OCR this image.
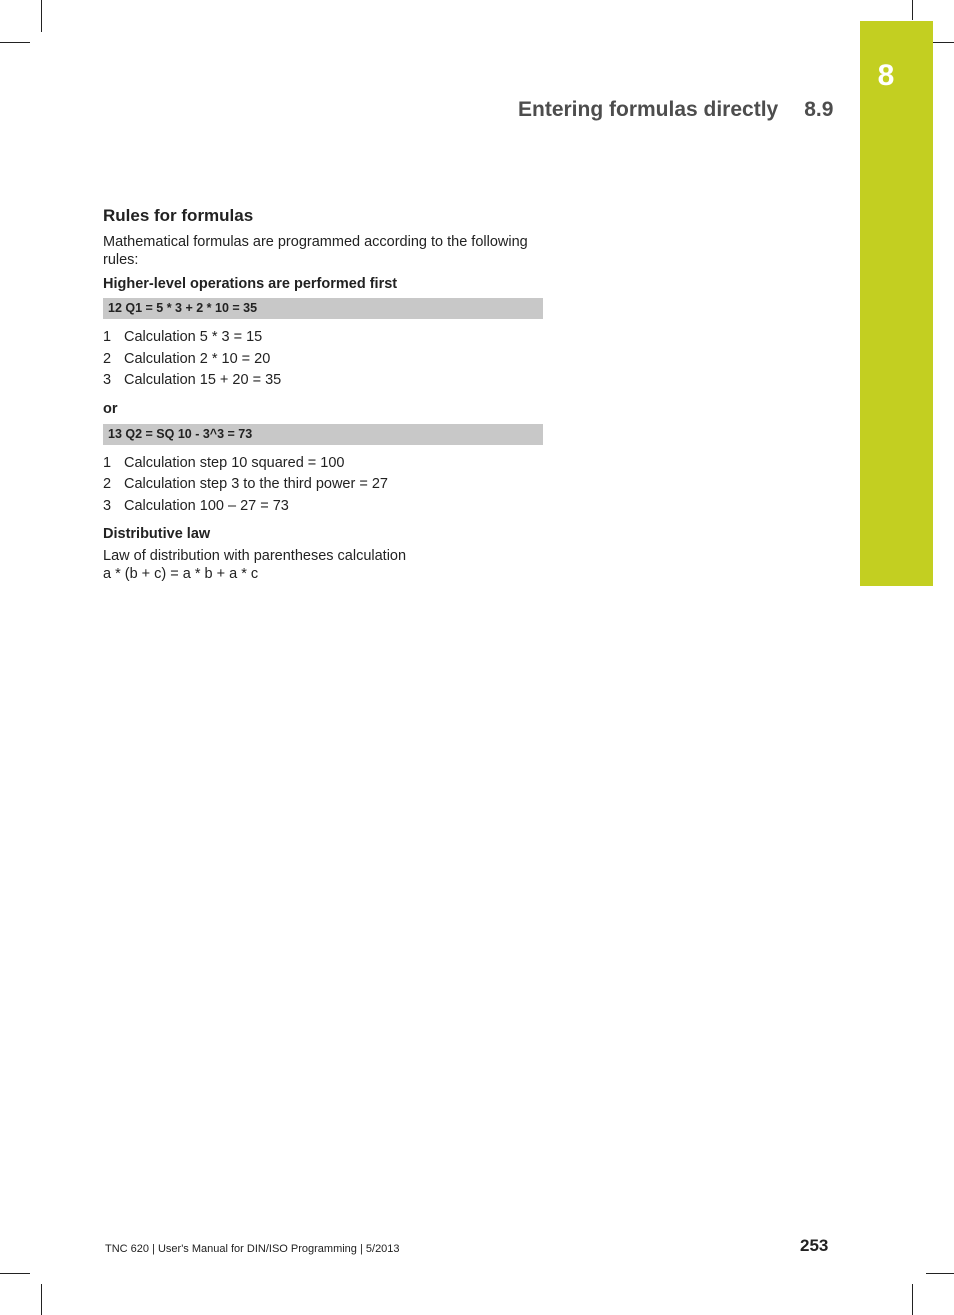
8
Entering formulas directly 8.9
Rules for formulas

Mathematical formulas are programmed according to the following rules:

Higher-level operations are performed first
12 Q1 = 5 * 3 + 2 * 10 = 35
1 Calculation 5 * 3 = 15
2 Calculation 2 * 10 = 20
3 Calculation 15 + 20 = 35
or
13 Q2 = SQ 10 - 3^3 = 73
1 Calculation step 10 squared = 100
2 Calculation step 3 to the third power = 27
3 Calculation 100 – 27 = 73
Distributive law

Law of distribution with parentheses calculation

a * (b + c) = a * b + a * c

TNC 620 | User's Manual for DIN/ISO Programming | 5/2013	253
